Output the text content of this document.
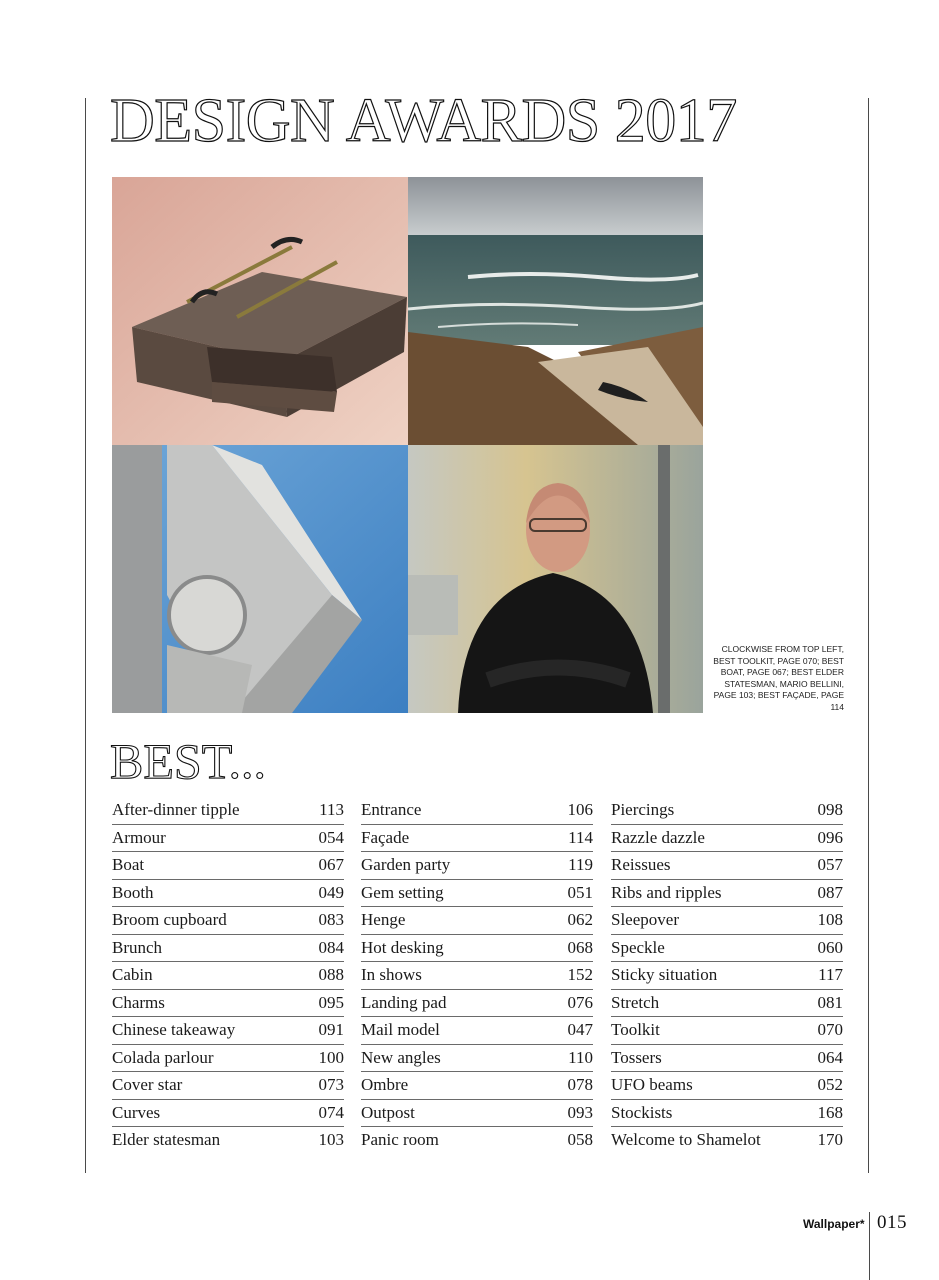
DESIGN AWARDS 2017
CLOCKWISE FROM TOP LEFT, BEST TOOLKIT, PAGE 070; BEST BOAT, PAGE 067; BEST ELDER STATESMAN, MARIO BELLINI, PAGE 103; BEST FAÇADE, PAGE 114
BEST...
After-dinner tipple	113
Armour	054
Boat	067
Booth	049
Broom cupboard	083
Brunch	084
Cabin	088
Charms	095
Chinese takeaway	091
Colada parlour	100
Cover star	073
Curves	074
Elder statesman	103
Entrance	106
Façade	114
Garden party	119
Gem setting	051
Henge	062
Hot desking	068
In shows	152
Landing pad	076
Mail model	047
New angles	110
Ombre	078
Outpost	093
Panic room	058
Piercings	098
Razzle dazzle	096
Reissues	057
Ribs and ripples	087
Sleepover	108
Speckle	060
Sticky situation	117
Stretch	081
Toolkit	070
Tossers	064
UFO beams	052
Stockists	168
Welcome to Shamelot	170
Wallpaper* 015
